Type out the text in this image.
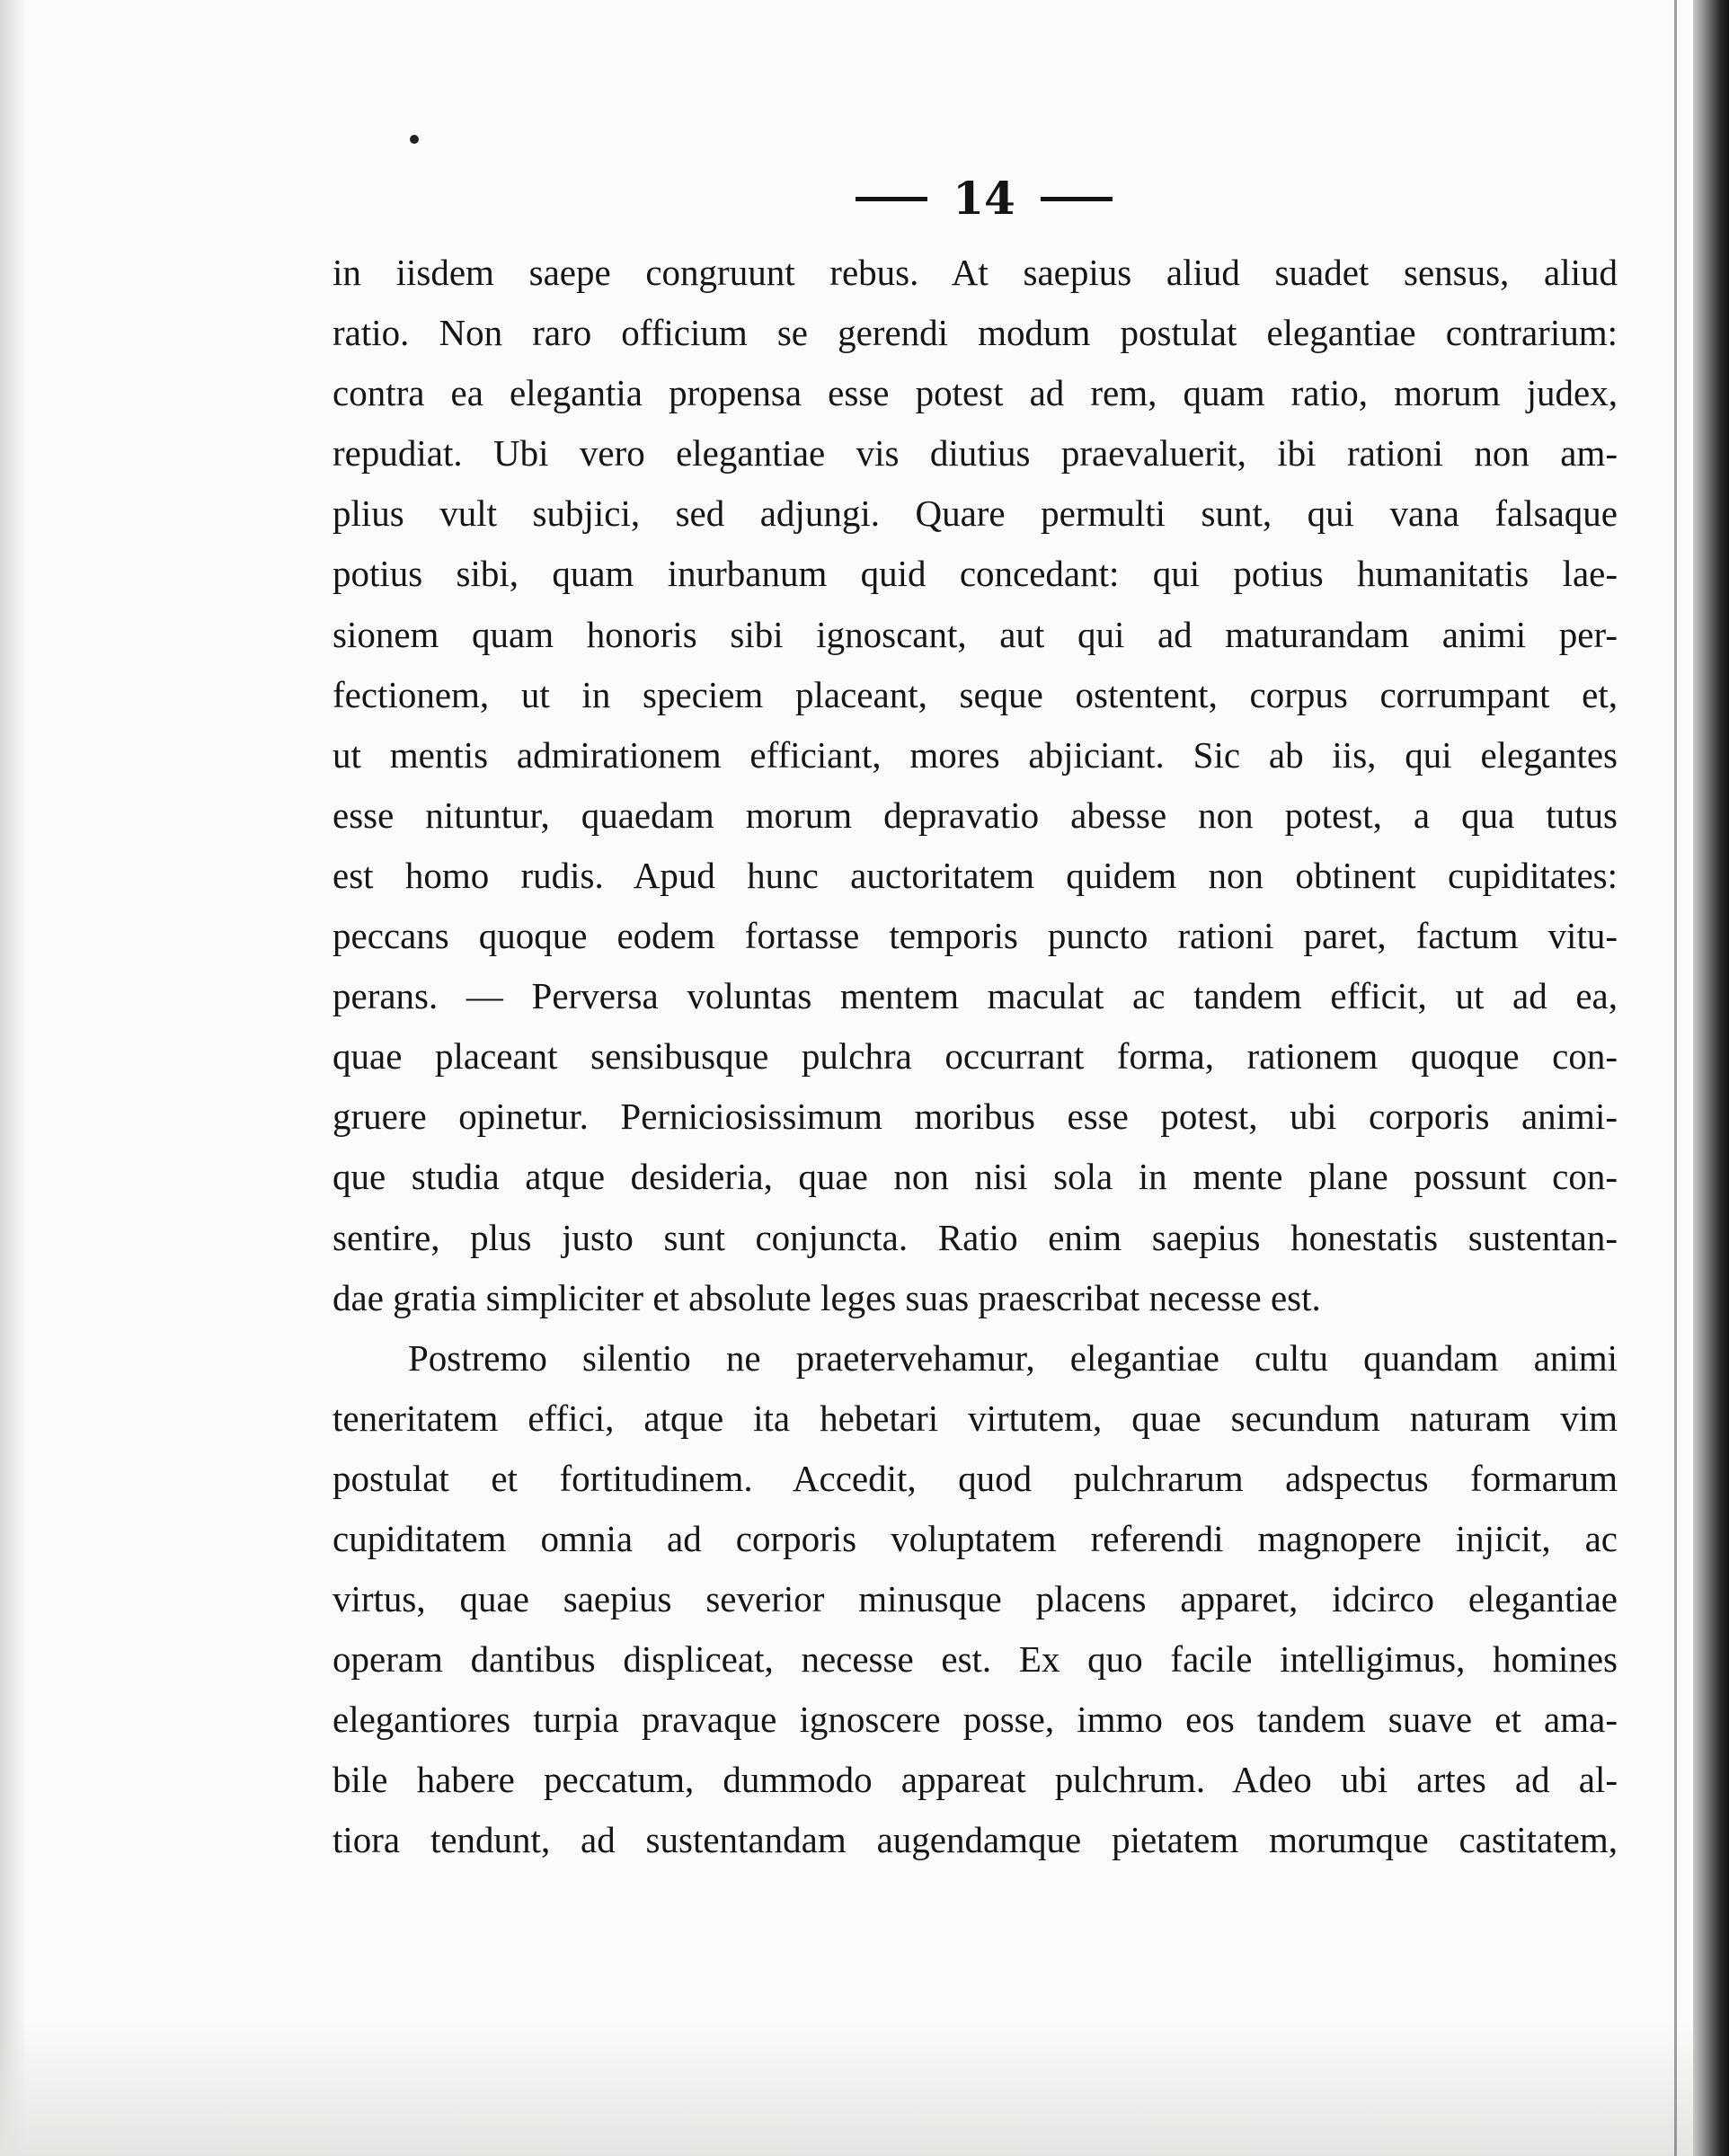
14
in iisdem saepe congruunt rebus. At saepius aliud suadet sensus, aliud
ratio. Non raro officium se gerendi modum postulat elegantiae contrarium:
contra ea elegantia propensa esse potest ad rem, quam ratio, morum judex,
repudiat. Ubi vero elegantiae vis diutius praevaluerit, ibi rationi non am-
plius vult subjici, sed adjungi. Quare permulti sunt, qui vana falsaque
potius sibi, quam inurbanum quid concedant: qui potius humanitatis lae-
sionem quam honoris sibi ignoscant, aut qui ad maturandam animi per-
fectionem, ut in speciem placeant, seque ostentent, corpus corrumpant et,
ut mentis admirationem efficiant, mores abjiciant. Sic ab iis, qui elegantes
esse nituntur, quaedam morum depravatio abesse non potest, a qua tutus
est homo rudis. Apud hunc auctoritatem quidem non obtinent cupiditates:
peccans quoque eodem fortasse temporis puncto rationi paret, factum vitu-
perans. — Perversa voluntas mentem maculat ac tandem efficit, ut ad ea,
quae placeant sensibusque pulchra occurrant forma, rationem quoque con-
gruere opinetur. Perniciosissimum moribus esse potest, ubi corporis animi-
que studia atque desideria, quae non nisi sola in mente plane possunt con-
sentire, plus justo sunt conjuncta. Ratio enim saepius honestatis sustentan-
dae gratia simpliciter et absolute leges suas praescribat necesse est.
Postremo silentio ne praetervehamur, elegantiae cultu quandam animi
teneritatem effici, atque ita hebetari virtutem, quae secundum naturam vim
postulat et fortitudinem. Accedit, quod pulchrarum adspectus formarum
cupiditatem omnia ad corporis voluptatem referendi magnopere injicit, ac
virtus, quae saepius severior minusque placens apparet, idcirco elegantiae
operam dantibus displiceat, necesse est. Ex quo facile intelligimus, homines
elegantiores turpia pravaque ignoscere posse, immo eos tandem suave et ama-
bile habere peccatum, dummodo appareat pulchrum. Adeo ubi artes ad al-
tiora tendunt, ad sustentandam augendamque pietatem morumque castitatem,
